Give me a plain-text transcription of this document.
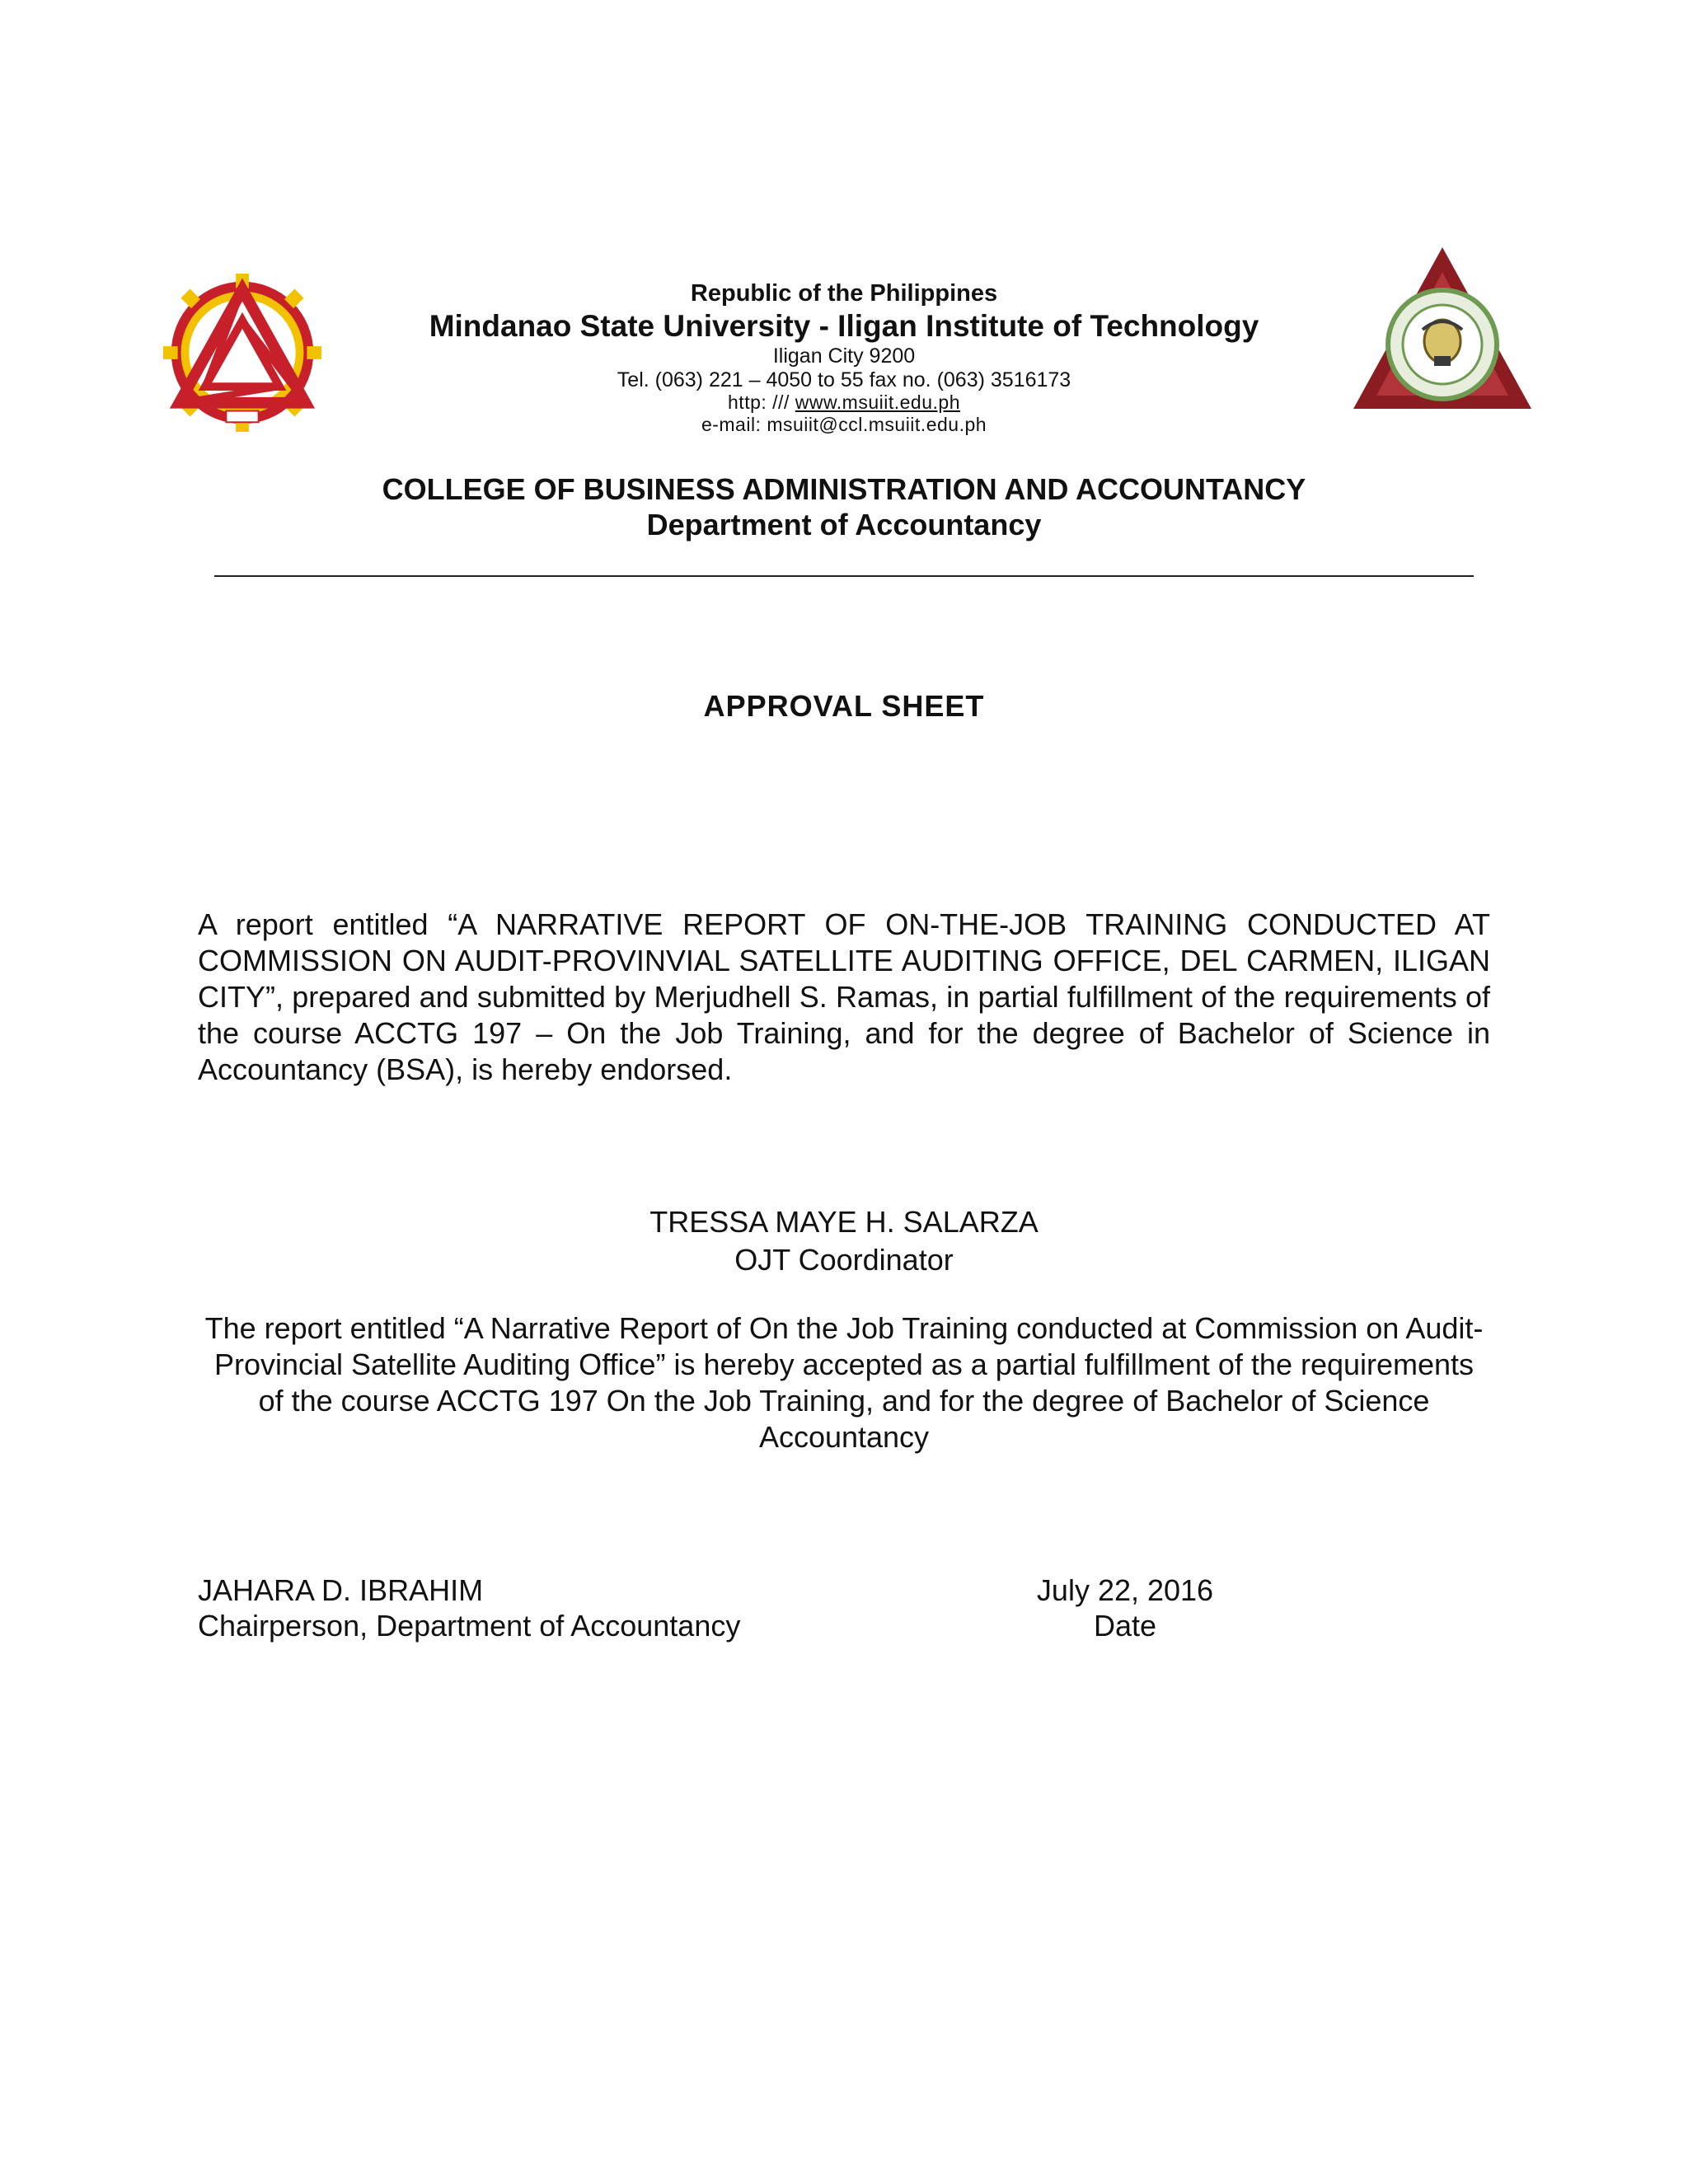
Republic of the Philippines
Mindanao State University - Iligan Institute of Technology
Iligan City 9200
Tel. (063) 221 – 4050 to 55 fax no. (063) 3516173
http: /// www.msuiit.edu.ph
e-mail: msuiit@ccl.msuiit.edu.ph
COLLEGE OF BUSINESS ADMINISTRATION AND ACCOUNTANCY
Department of Accountancy
APPROVAL SHEET
A report entitled “A NARRATIVE REPORT OF ON-THE-JOB TRAINING CONDUCTED AT COMMISSION ON AUDIT-PROVINVIAL SATELLITE AUDITING OFFICE, DEL CARMEN, ILIGAN CITY”, prepared and submitted by Merjudhell S. Ramas, in partial fulfillment of the requirements of the course ACCTG 197 – On the Job Training, and for the degree of Bachelor of Science in Accountancy (BSA), is hereby endorsed.
TRESSA MAYE H. SALARZA
OJT Coordinator
The report entitled “A Narrative Report of On the Job Training conducted at Commission on Audit-Provincial Satellite Auditing Office” is hereby accepted as a partial fulfillment of the requirements of the course ACCTG 197 On the Job Training, and for the degree of Bachelor of Science Accountancy
JAHARA D. IBRAHIM
Chairperson, Department of Accountancy
July 22, 2016
Date
